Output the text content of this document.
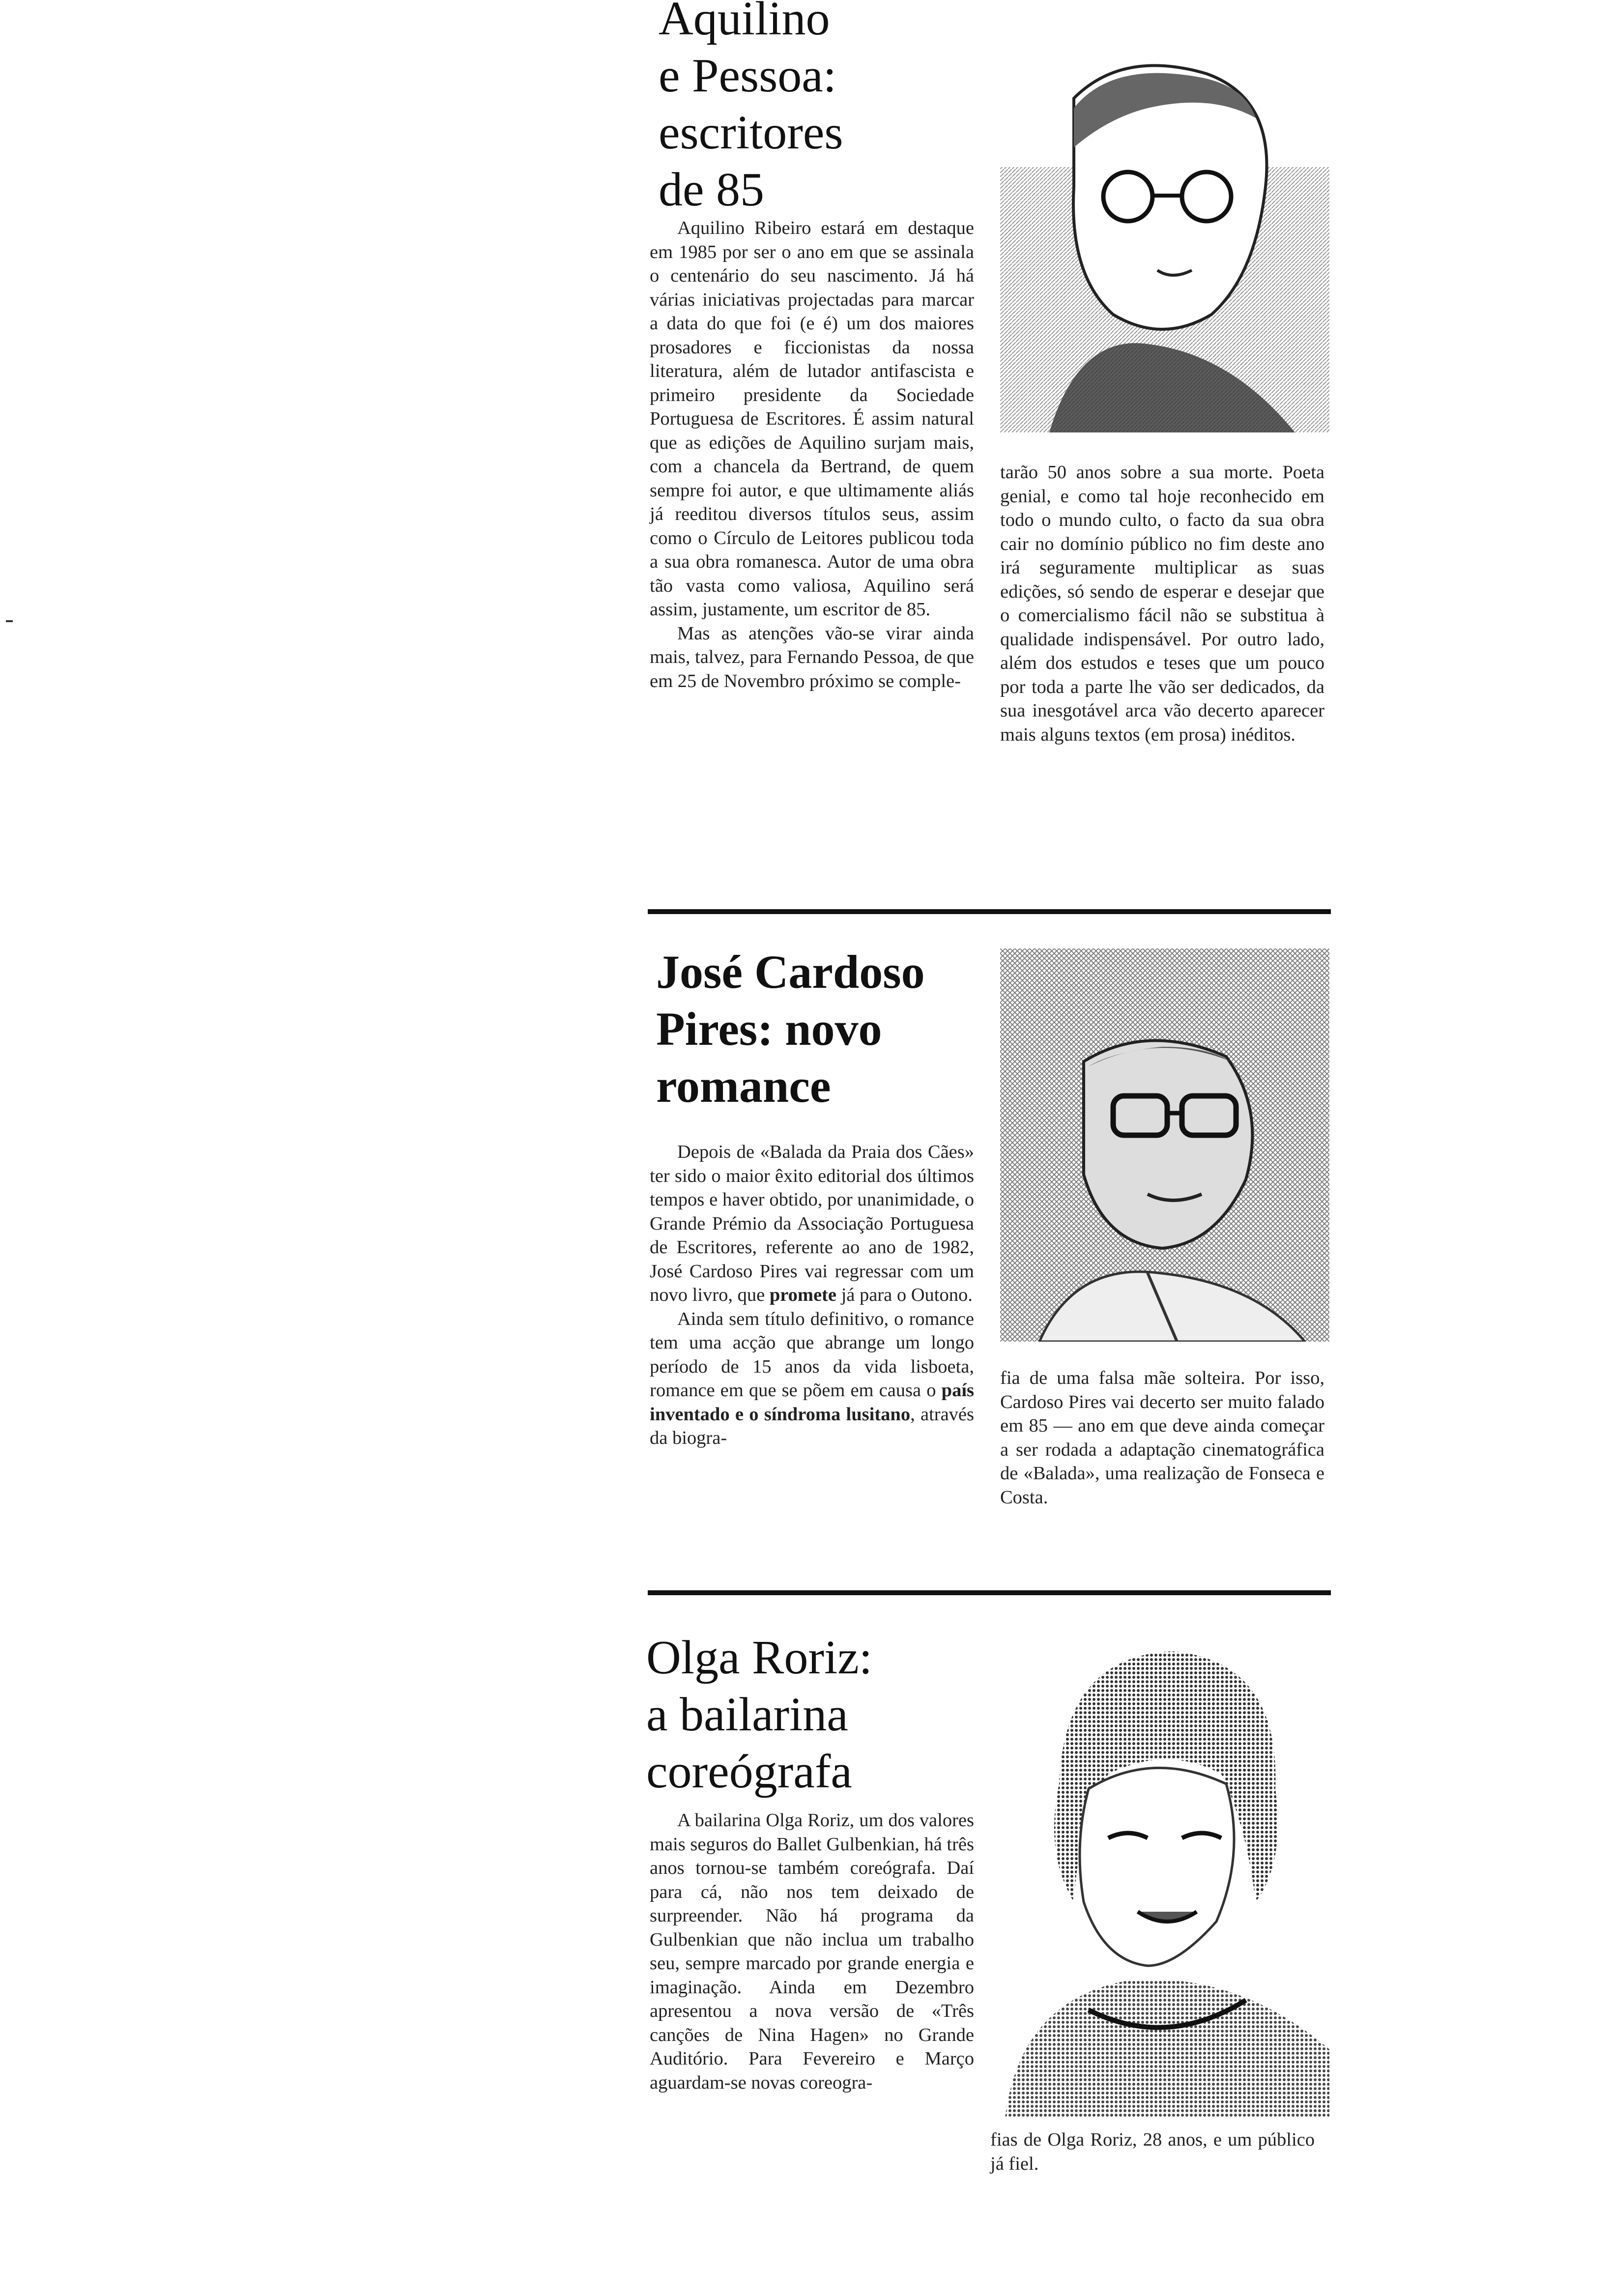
Aquilino
e Pessoa:
escritores
de 85

Aquilino Ribeiro estará em destaque em 1985 por ser o ano em que se assinala o centenário do seu nascimento. Já há várias iniciativas projectadas para marcar a data do que foi (e é) um dos maiores prosadores e ficcionistas da nossa literatura, além de lutador antifascista e primeiro presidente da Sociedade Portuguesa de Escritores. É assim natural que as edições de Aquilino surjam mais, com a chancela da Bertrand, de quem sempre foi autor, e que ultimamente aliás já reeditou diversos títulos seus, assim como o Círculo de Leitores publicou toda a sua obra romanesca. Autor de uma obra tão vasta como valiosa, Aquilino será assim, justamente, um escritor de 85.

Mas as atenções vão-se virar ainda mais, talvez, para Fernando Pessoa, de que em 25 de Novembro próximo se comple-

tarão 50 anos sobre a sua morte. Poeta genial, e como tal hoje reconhecido em todo o mundo culto, o facto da sua obra cair no domínio público no fim deste ano irá seguramente multiplicar as suas edições, só sendo de esperar e desejar que o comercialismo fácil não se substitua à qualidade indispensável. Por outro lado, além dos estudos e teses que um pouco por toda a parte lhe vão ser dedicados, da sua inesgotável arca vão decerto aparecer mais alguns textos (em prosa) inéditos.

José Cardoso
Pires: novo
romance

Depois de «Balada da Praia dos Cães» ter sido o maior êxito editorial dos últimos tempos e haver obtido, por unanimidade, o Grande Prémio da Associação Portuguesa de Escritores, referente ao ano de 1982, José Cardoso Pires vai regressar com um novo livro, que promete já para o Outono.

Ainda sem título definitivo, o romance tem uma acção que abrange um longo período de 15 anos da vida lisboeta, romance em que se põem em causa o país inventado e o síndroma lusitano, através da biogra-

fia de uma falsa mãe solteira. Por isso, Cardoso Pires vai decerto ser muito falado em 85 — ano em que deve ainda começar a ser rodada a adaptação cinematográfica de «Balada», uma realização de Fonseca e Costa.

Olga Roriz:
a bailarina
coreógrafa

A bailarina Olga Roriz, um dos valores mais seguros do Ballet Gulbenkian, há três anos tornou-se também coreógrafa. Daí para cá, não nos tem deixado de surpreender. Não há programa da Gulbenkian que não inclua um trabalho seu, sempre marcado por grande energia e imaginação. Ainda em Dezembro apresentou a nova versão de «Três canções de Nina Hagen» no Grande Auditório. Para Fevereiro e Março aguardam-se novas coreogra-

fias de Olga Roriz, 28 anos, e um público já fiel.
